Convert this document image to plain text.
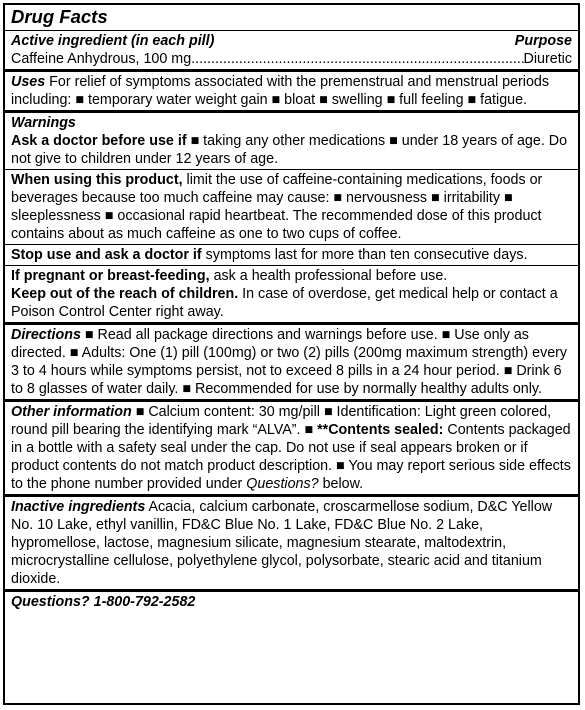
Drug Facts
Active ingredient (in each pill)	Purpose
Caffeine Anhydrous, 100 mg
.....	Diuretic

Uses For relief of symptoms associated with the premenstrual and menstrual periods including: ■ temporary water weight gain ■ bloat ■ swelling ■ full feeling ■ fatigue.

Warnings

Ask a doctor before use if ■ taking any other medications ■ under 18 years of age. Do not give to children under 12 years of age.

When using this product, limit the use of caffeine-containing medications, foods or beverages because too much caffeine may cause: ■ nervousness ■ irritability ■ sleeplessness ■ occasional rapid heartbeat. The recommended dose of this product contains about as much caffeine as one to two cups of coffee.

Stop use and ask a doctor if symptoms last for more than ten consecutive days.

If pregnant or breast-feeding, ask a health professional before use.

Keep out of the reach of children. In case of overdose, get medical help or contact a Poison Control Center right away.

Directions ■ Read all package directions and warnings before use. ■ Use only as directed. ■ Adults: One (1) pill (100mg) or two (2) pills (200mg maximum strength) every 3 to 4 hours while symptoms persist, not to exceed 8 pills in a 24 hour period. ■ Drink 6 to 8 glasses of water daily. ■ Recommended for use by normally healthy adults only.

Other information ■ Calcium content: 30 mg/pill ■ Identification: Light green colored, round pill bearing the identifying mark “ALVA”. ■ **Contents sealed: Contents packaged in a bottle with a safety seal under the cap. Do not use if seal appears broken or if product contents do not match product description. ■ You may report serious side effects to the phone number provided under Questions? below.

Inactive ingredients Acacia, calcium carbonate, croscarmellose sodium, D&C Yellow No. 10 Lake, ethyl vanillin, FD&C Blue No. 1 Lake, FD&C Blue No. 2 Lake, hypromellose, lactose, magnesium silicate, magnesium stearate, maltodextrin, microcrystalline cellulose, polyethylene glycol, polysorbate, stearic acid and titanium dioxide.

Questions? 1-800-792-2582
